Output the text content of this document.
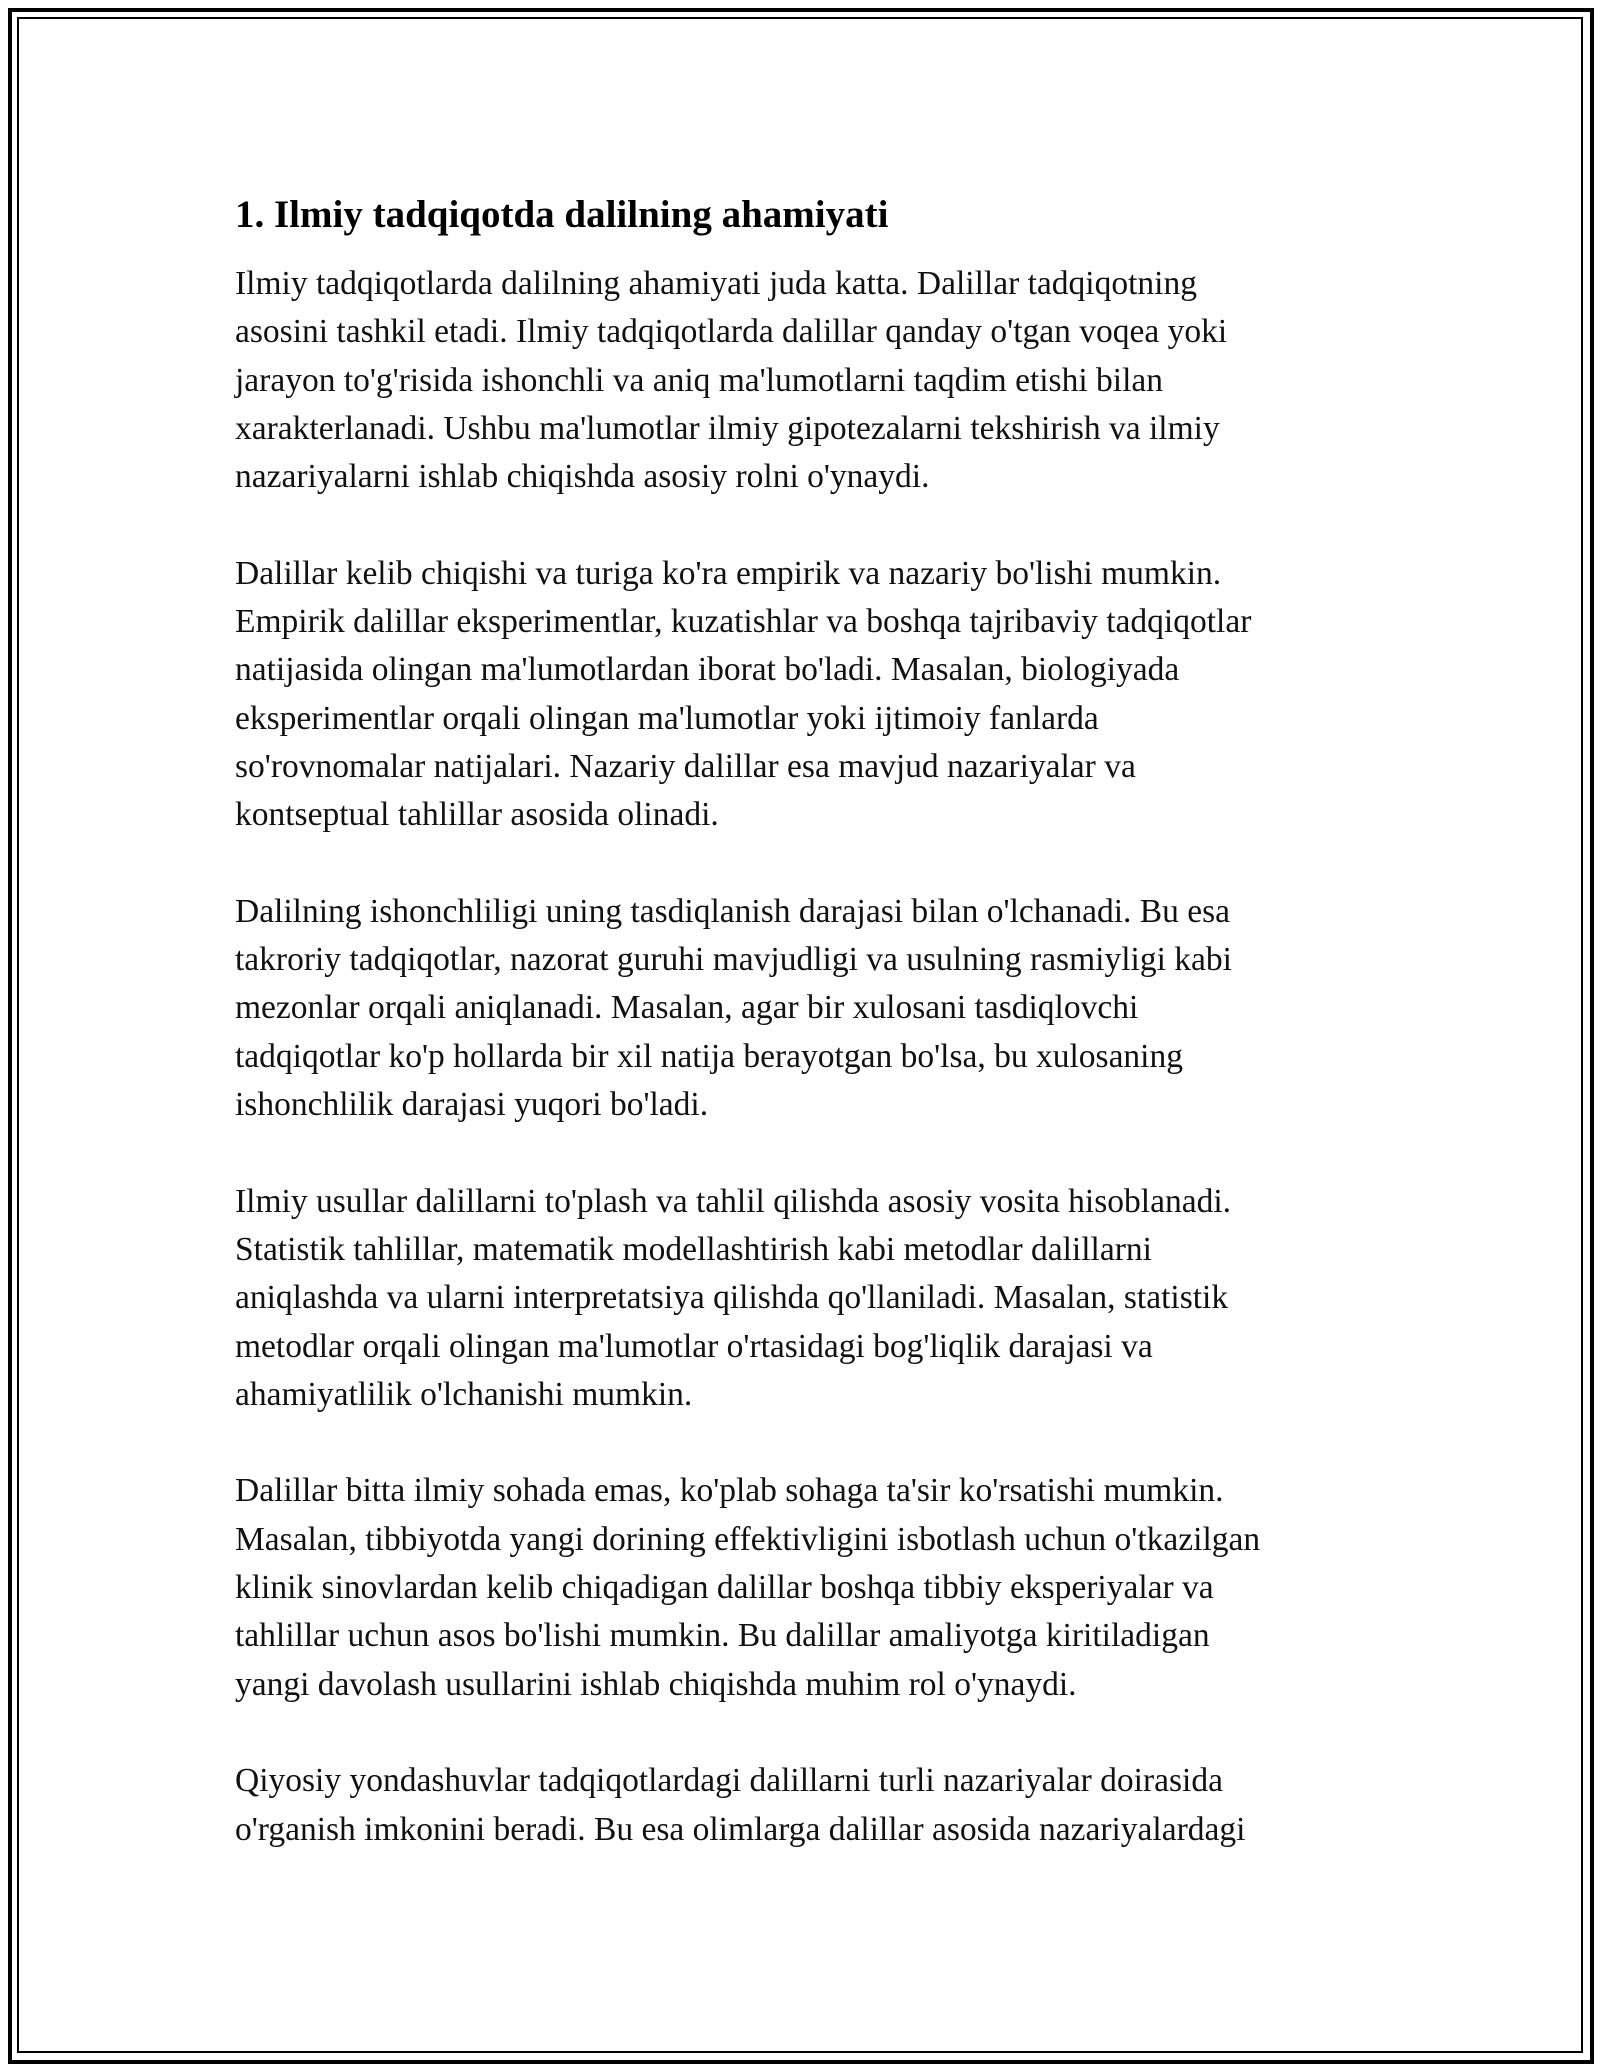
1. Ilmiy tadqiqotda dalilning ahamiyati

Ilmiy tadqiqotlarda dalilning ahamiyati juda katta. Dalillar tadqiqotning
asosini tashkil etadi. Ilmiy tadqiqotlarda dalillar qanday o'tgan voqea yoki
jarayon to'g'risida ishonchli va aniq ma'lumotlarni taqdim etishi bilan
xarakterlanadi. Ushbu ma'lumotlar ilmiy gipotezalarni tekshirish va ilmiy
nazariyalarni ishlab chiqishda asosiy rolni o'ynaydi.

Dalillar kelib chiqishi va turiga ko'ra empirik va nazariy bo'lishi mumkin.
Empirik dalillar eksperimentlar, kuzatishlar va boshqa tajribaviy tadqiqotlar
natijasida olingan ma'lumotlardan iborat bo'ladi. Masalan, biologiyada
eksperimentlar orqali olingan ma'lumotlar yoki ijtimoiy fanlarda
so'rovnomalar natijalari. Nazariy dalillar esa mavjud nazariyalar va
kontseptual tahlillar asosida olinadi.

Dalilning ishonchliligi uning tasdiqlanish darajasi bilan o'lchanadi. Bu esa
takroriy tadqiqotlar, nazorat guruhi mavjudligi va usulning rasmiyligi kabi
mezonlar orqali aniqlanadi. Masalan, agar bir xulosani tasdiqlovchi
tadqiqotlar ko'p hollarda bir xil natija berayotgan bo'lsa, bu xulosaning
ishonchlilik darajasi yuqori bo'ladi.

Ilmiy usullar dalillarni to'plash va tahlil qilishda asosiy vosita hisoblanadi.
Statistik tahlillar, matematik modellashtirish kabi metodlar dalillarni
aniqlashda va ularni interpretatsiya qilishda qo'llaniladi. Masalan, statistik
metodlar orqali olingan ma'lumotlar o'rtasidagi bog'liqlik darajasi va
ahamiyatlilik o'lchanishi mumkin.

Dalillar bitta ilmiy sohada emas, ko'plab sohaga ta'sir ko'rsatishi mumkin.
Masalan, tibbiyotda yangi dorining effektivligini isbotlash uchun o'tkazilgan
klinik sinovlardan kelib chiqadigan dalillar boshqa tibbiy eksperiyalar va
tahlillar uchun asos bo'lishi mumkin. Bu dalillar amaliyotga kiritiladigan
yangi davolash usullarini ishlab chiqishda muhim rol o'ynaydi.

Qiyosiy yondashuvlar tadqiqotlardagi dalillarni turli nazariyalar doirasida
o'rganish imkonini beradi. Bu esa olimlarga dalillar asosida nazariyalardagi
